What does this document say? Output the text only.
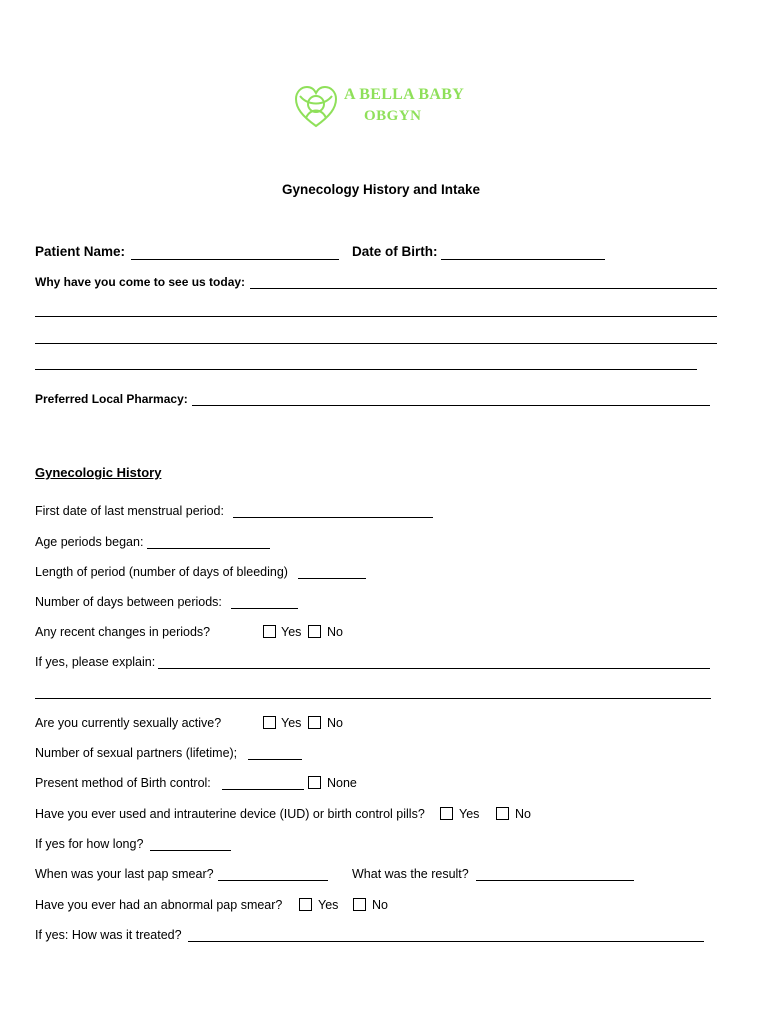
A BELLA BABY
OBGYN
Gynecology History and Intake
Patient Name:	Date of Birth:
Why have you come to see us today:
Preferred Local Pharmacy:
Gynecologic History
First date of last menstrual period:
Age periods began:
Length of period (number of days of bleeding)
Number of days between periods:
Any recent changes in periods?	Yes No
If yes, please explain:
Are you currently sexually active?	Yes No
Number of sexual partners (lifetime);
Present method of Birth control:	None
Have you ever used and intrauterine device (IUD) or birth control pills?	Yes	No
If yes for how long?
When was your last pap smear?	What was the result?
Have you ever had an abnormal pap smear?	Yes	No
If yes: How was it treated?
